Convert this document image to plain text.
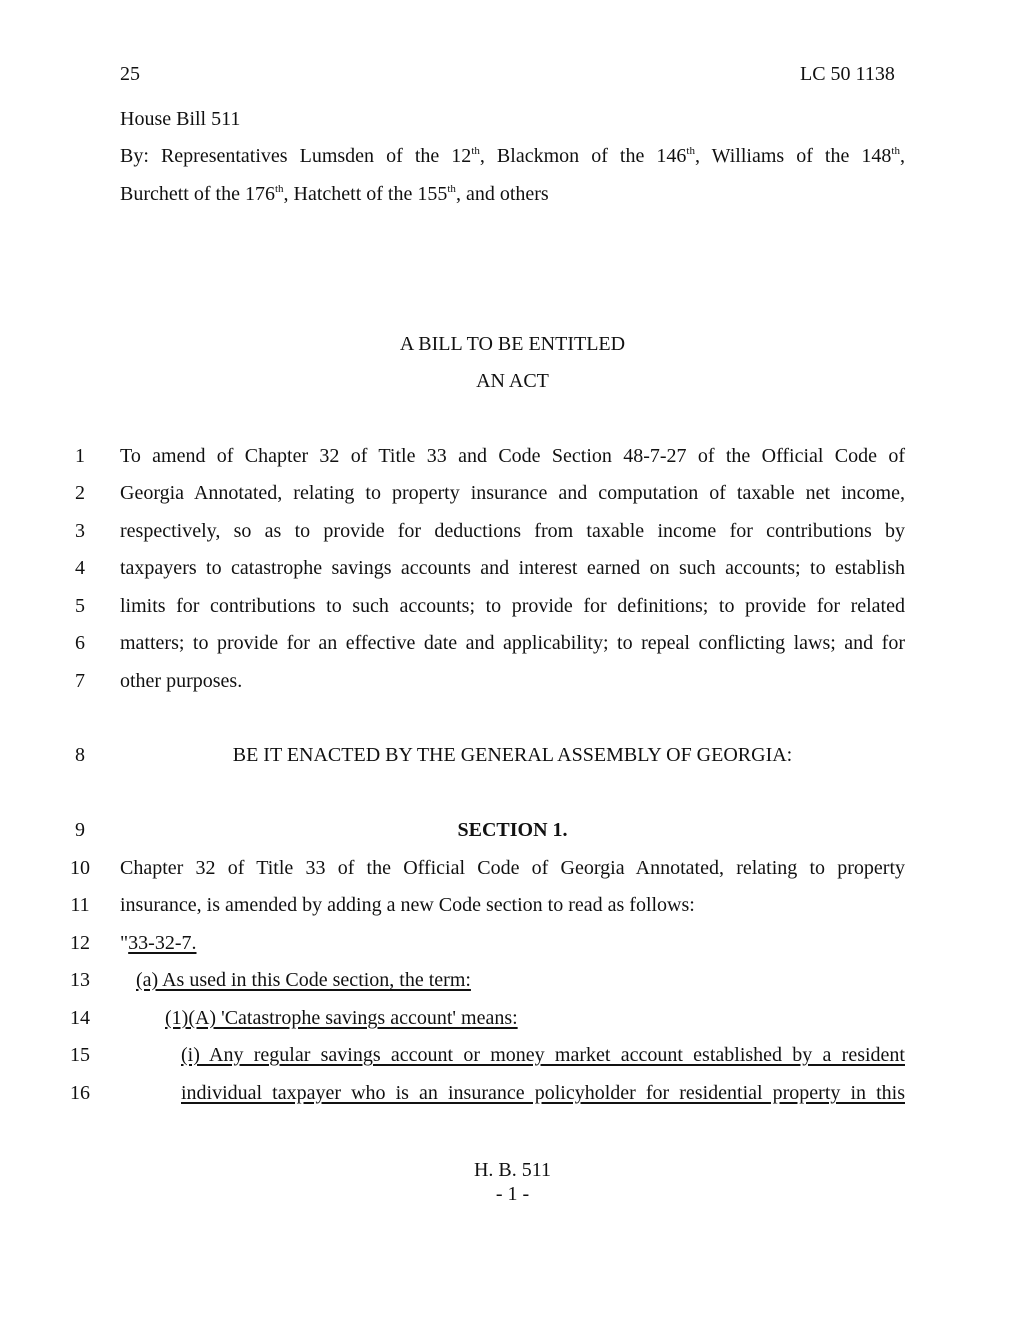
25	LC 50 1138
House Bill 511
By: Representatives Lumsden of the 12th, Blackmon of the 146th, Williams of the 148th,
Burchett of the 176th, Hatchett of the 155th, and others
A BILL TO BE ENTITLED
AN ACT
1	To amend of Chapter 32 of Title 33 and Code Section 48-7-27 of the Official Code of
2	Georgia Annotated, relating to property insurance and computation of taxable net income,
3	respectively, so as to provide for deductions from taxable income for contributions by
4	taxpayers to catastrophe savings accounts and interest earned on such accounts; to establish
5	limits for contributions to such accounts; to provide for definitions; to provide for related
6	matters; to provide for an effective date and applicability; to repeal conflicting laws; and for
7	other purposes.
8	BE IT ENACTED BY THE GENERAL ASSEMBLY OF GEORGIA:
9	SECTION 1.
10	Chapter 32 of Title 33 of the Official Code of Georgia Annotated, relating to property
11	insurance, is amended by adding a new Code section to read as follows:
12	"33-32-7.
13	(a) As used in this Code section, the term:
14	(1)(A) 'Catastrophe savings account' means:
15	(i) Any regular savings account or money market account established by a resident
16	individual taxpayer who is an insurance policyholder for residential property in this
H. B. 511
- 1 -
